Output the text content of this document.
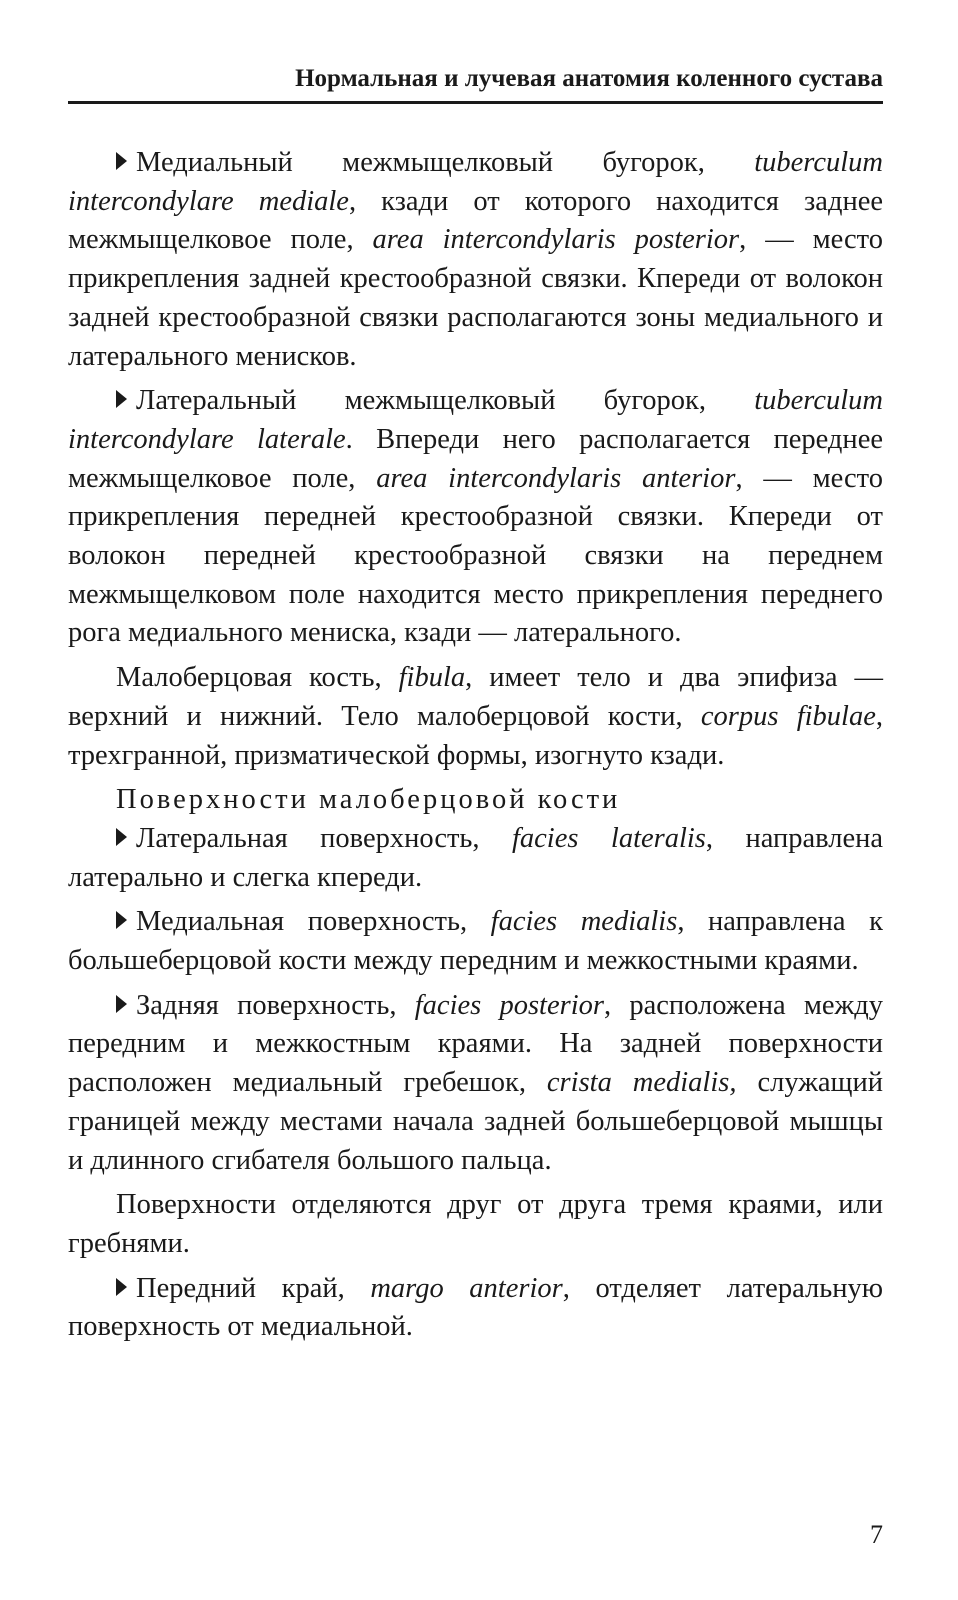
Нормальная и лучевая анатомия коленного сустава

Медиальный межмыщелковый бугорок, tuberculum intercondylare mediale, кзади от которого находится заднее межмыщелковое поле, area intercondylaris posterior, — место прикрепления задней крестообразной связки. Кпереди от волокон задней крестообразной связки располагаются зоны медиального и латерального менисков.

Латеральный межмыщелковый бугорок, tuberculum intercondylare laterale. Впереди него располагается переднее межмыщелковое поле, area intercondylaris anterior, — место прикрепления передней крестообразной связки. Кпереди от волокон передней крестообразной связки на переднем межмыщелковом поле находится место прикрепления переднего рога медиального мениска, кзади — латерального.

Малоберцовая кость, fibula, имеет тело и два эпифиза — верхний и нижний. Тело малоберцовой кости, corpus fibulae, трехгранной, призматической формы, изогнуто кзади.

Поверхности малоберцовой кости

Латеральная поверхность, facies lateralis, направлена латерально и слегка кпереди.

Медиальная поверхность, facies medialis, направлена к большеберцовой кости между передним и межкостными краями.

Задняя поверхность, facies posterior, расположена между передним и межкостным краями. На задней поверхности расположен медиальный гребешок, crista medialis, служащий границей между местами начала задней большеберцовой мышцы и длинного сгибателя большого пальца.

Поверхности отделяются друг от друга тремя краями, или гребнями.

Передний край, margo anterior, отделяет латеральную поверхность от медиальной.

7
